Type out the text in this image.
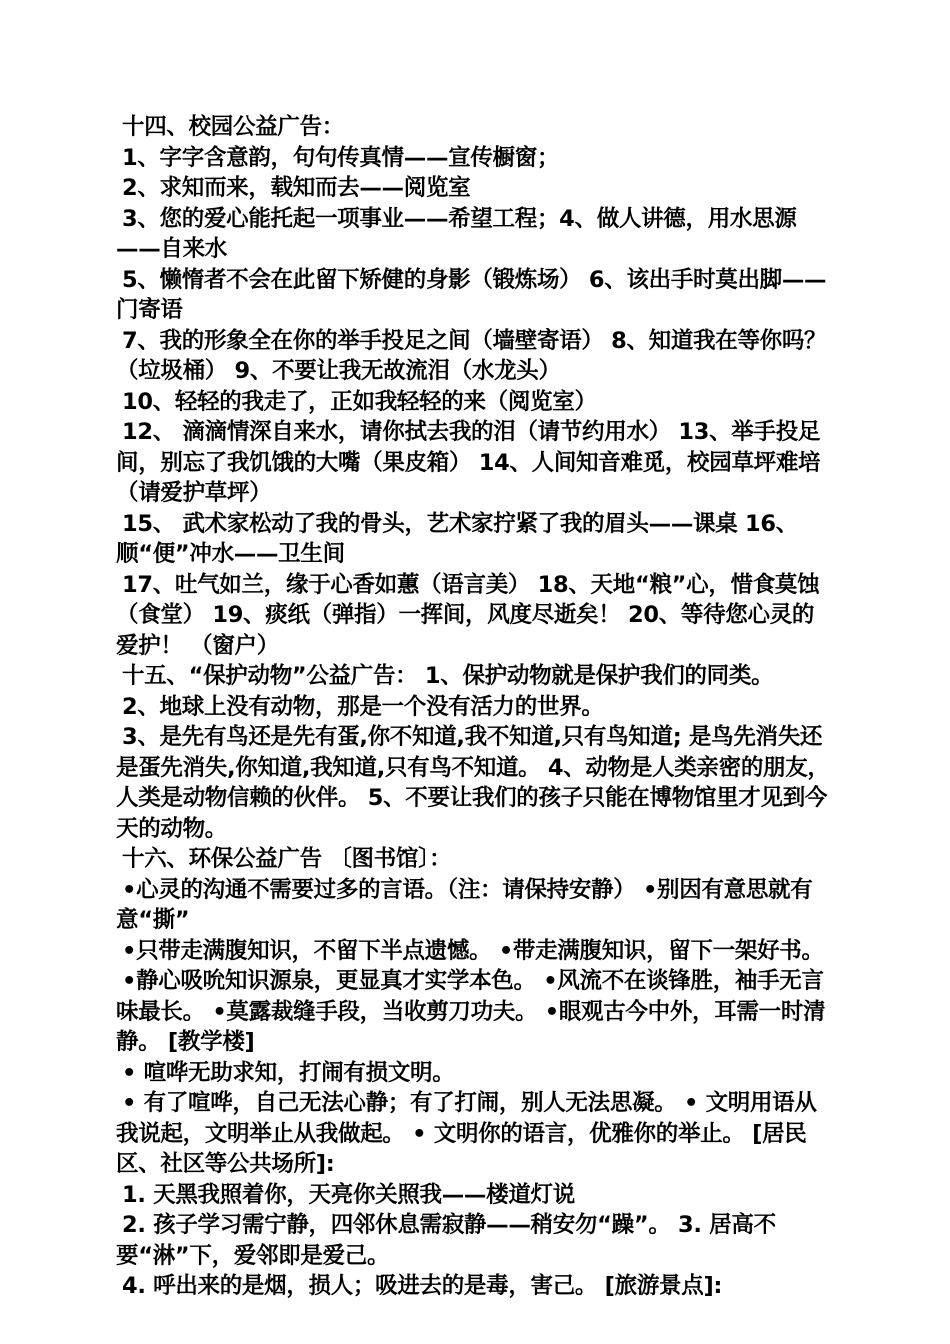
十四、校园公益广告：

1、字字含意韵，句句传真情——宣传橱窗；

2、求知而来，载知而去——阅览室

3、您的爱心能托起一项事业——希望工程；4、做人讲德，用水思源——自来水

5、懒惰者不会在此留下矫健的身影（锻炼场） 6、该出手时莫出脚——门寄语

7、我的形象全在你的举手投足之间（墙壁寄语） 8、知道我在等你吗？ （垃圾桶） 9、不要让我无故流泪（水龙头）

10、轻轻的我走了，正如我轻轻的来（阅览室）

12、 滴滴情深自来水，请你拭去我的泪（请节约用水） 13、举手投足间，别忘了我饥饿的大嘴（果皮箱） 14、人间知音难觅，校园草坪难培（请爱护草坪）

15、 武术家松动了我的骨头，艺术家拧紧了我的眉头——课桌 16、顺“便”冲水——卫生间

17、吐气如兰，缘于心香如蕙（语言美） 18、天地“粮”心，惜食莫蚀（食堂） 19、痰纸（弹指）一挥间，风度尽逝矣！ 20、等待您心灵的爱护！ （窗户）

十五、“保护动物”公益广告： 1、保护动物就是保护我们的同类。

2、地球上没有动物，那是一个没有活力的世界。

3、是先有鸟还是先有蛋,你不知道,我不知道,只有鸟知道; 是鸟先消失还是蛋先消失,你知道,我知道,只有鸟不知道。 4、动物是人类亲密的朋友，人类是动物信赖的伙伴。 5、不要让我们的孩子只能在博物馆里才见到今天的动物。

十六、环保公益广告 〔图书馆〕：

•心灵的沟通不需要过多的言语。（注：请保持安静） •别因有意思就有意“撕”

•只带走满腹知识，不留下半点遗憾。 •带走满腹知识，留下一架好书。

•静心吸吮知识源泉，更显真才实学本色。 •风流不在谈锋胜，袖手无言味最长。 •莫露裁缝手段，当收剪刀功夫。 •眼观古今中外，耳需一时清静。 [教学楼]

• 喧哗无助求知，打闹有损文明。

• 有了喧哗，自己无法心静；有了打闹，别人无法思凝。 • 文明用语从我说起，文明举止从我做起。 • 文明你的语言，优雅你的举止。 [居民区、社区等公共场所]:

1. 天黑我照着你，天亮你关照我——楼道灯说

2. 孩子学习需宁静，四邻休息需寂静——稍安勿“躁”。 3. 居高不要“淋”下，爱邻即是爱己。

4. 呼出来的是烟，损人；吸进去的是毒，害己。 [旅游景点]:
